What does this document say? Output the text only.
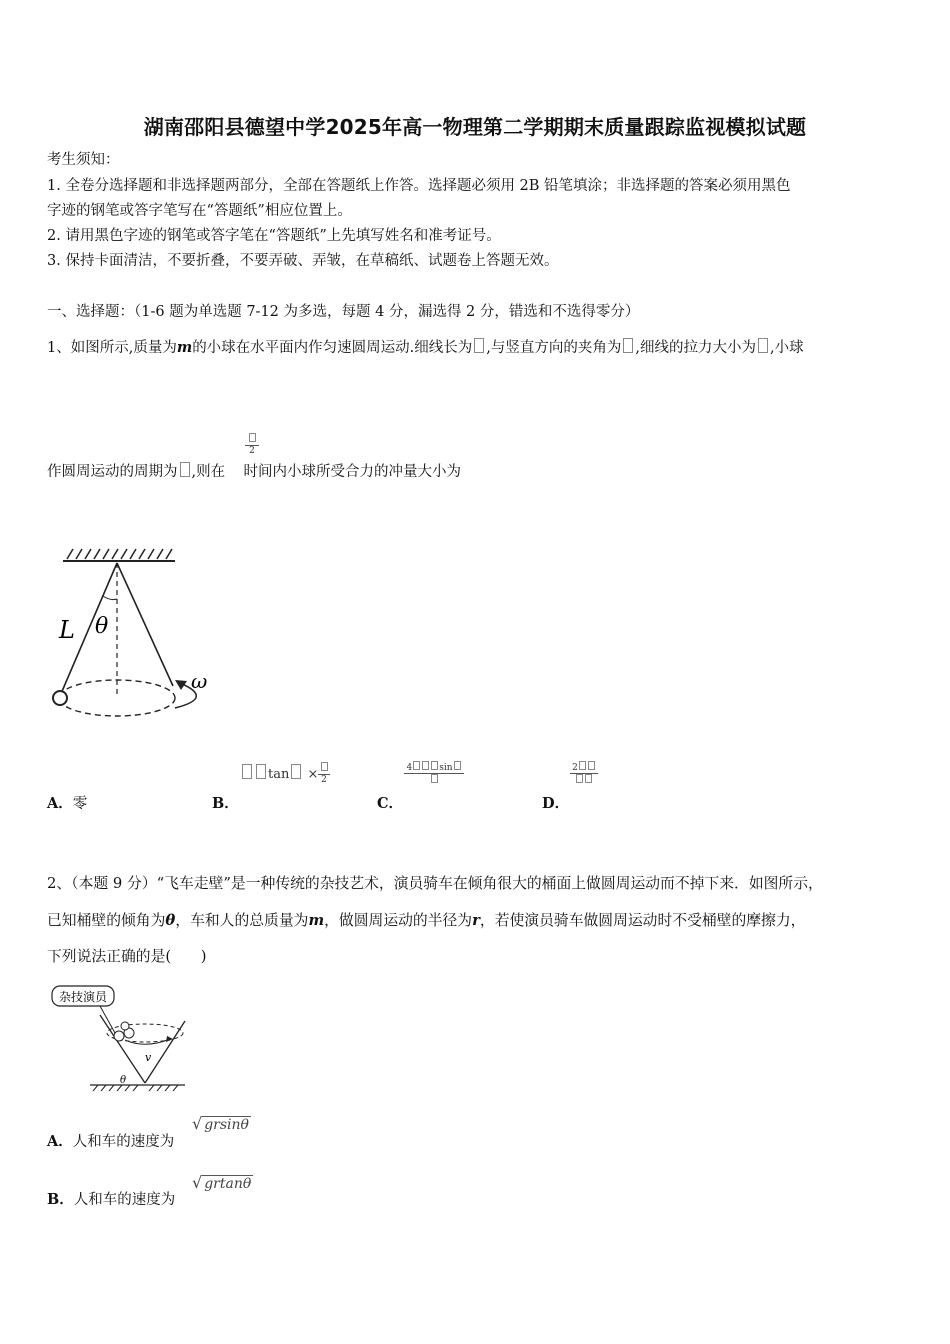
湖南邵阳县德望中学2025年高一物理第二学期期末质量跟踪监视模拟试题
考生须知：
1. 全卷分选择题和非选择题两部分，全部在答题纸上作答。选择题必须用 2B 铅笔填涂；非选择题的答案必须用黑色
字迹的钢笔或答字笔写在“答题纸”相应位置上。
2. 请用黑色字迹的钢笔或答字笔在“答题纸”上先填写姓名和准考证号。
3. 保持卡面清洁，不要折叠，不要弄破、弄皱，在草稿纸、试题卷上答题无效。
一、选择题：（1-6 题为单选题 7-12 为多选，每题 4 分，漏选得 2 分，错选和不选得零分）
1、如图所示,质量为m的小球在水平面内作匀速圆周运动.细线长为 ,与竖直方向的夹角为 ,细线的拉力大小为 ,小球
2
作圆周运动的周期为 ,则在 时间内小球所受合力的冲量大小为
L θ
ω
A．零	B．
tan × 2
C．
4	sin
D．
2
2、（本题 9 分）“飞车走壁”是一种传统的杂技艺术，演员骑车在倾角很大的桶面上做圆周运动而不掉下来．如图所示，
已知桶壁的倾角为θ，车和人的总质量为m，做圆周运动的半径为r，若使演员骑车做圆周运动时不受桶壁的摩擦力，
下列说法正确的是(　　)
杂技演员
v
θ
A．人和车的速度为
√ grsinθ
B．人和车的速度为
√ grtanθ
